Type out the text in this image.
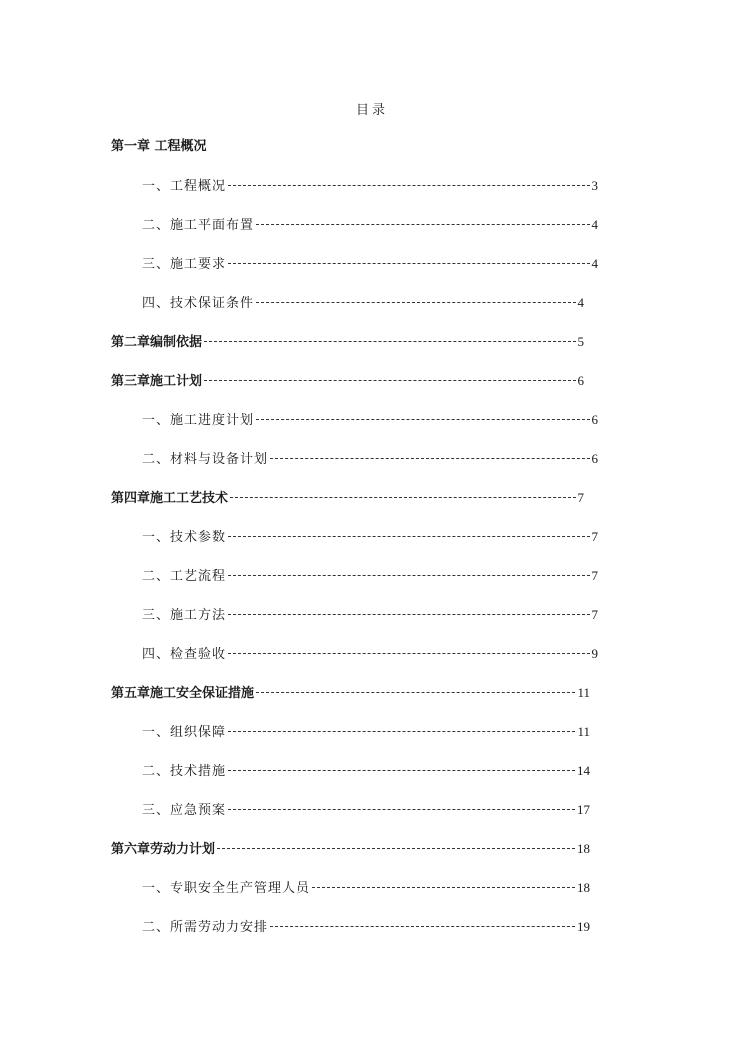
目录
第一章 工程概况
一、工程概况	3
二、施工平面布置	4
三、施工要求	4
四、技术保证条件	4
第二章编制依据	5
第三章施工计划	6
一、施工进度计划	6
二、材料与设备计划	6
第四章施工工艺技术	7
一、技术参数	7
二、工艺流程	7
三、施工方法	7
四、检查验收	9
第五章施工安全保证措施	11
一、组织保障	11
二、技术措施	14
三、应急预案	17
第六章劳动力计划	18
一、专职安全生产管理人员	18
二、所需劳动力安排	19
